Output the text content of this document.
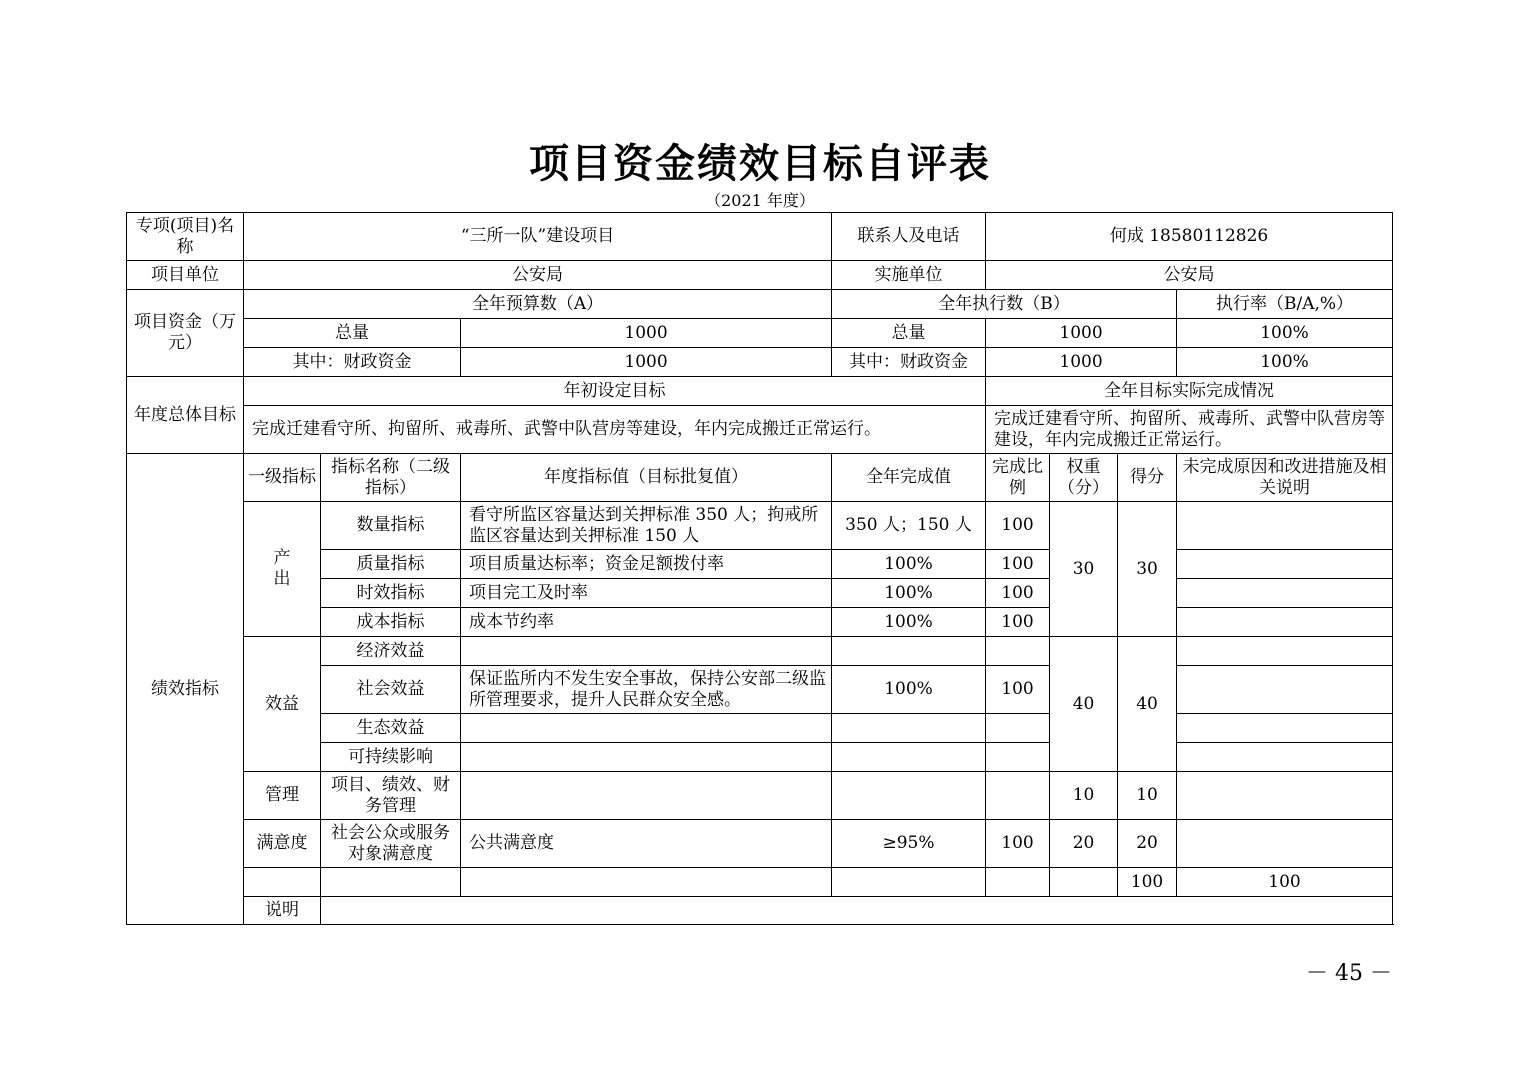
项目资金绩效目标自评表
（2021 年度）
专项(项目)名称	“三所一队”建设项目			联系人及电话	何成 18580112826				
项目单位	公安局			实施单位	公安局				
项目资金（万元）	全年预算数（A）			全年执行数（B）				执行率（B/A,%）	
	总量		1000	总量	1000			100%	
	其中：财政资金		1000	其中：财政资金	1000			100%	
年度总体目标	年初设定目标				全年目标实际完成情况				
	完成迁建看守所、拘留所、戒毒所、武警中队营房等建设，年内完成搬迁正常运行。				完成迁建看守所、拘留所、戒毒所、武警中队营房等建设，年内完成搬迁正常运行。				
绩效指标	一级指标	指标名称（二级指标）	年度指标值（目标批复值）	全年完成值	完成比例	权重（分）	得分	未完成原因和改进措施及相关说明	
	产出	数量指标	看守所监区容量达到关押标准 350 人；拘戒所监区容量达到关押标准 150 人	350 人；150 人	100	30	30		
		质量指标	项目质量达标率；资金足额拨付率	100%	100				
		时效指标	项目完工及时率	100%	100				
		成本指标	成本节约率	100%	100				
	效益	经济效益				40	40		
		社会效益	保证监所内不发生安全事故，保持公安部二级监所管理要求，提升人民群众安全感。	100%	100				
		生态效益							
		可持续影响							
	管理	项目、绩效、财务管理				10	10		
	满意度	社会公众或服务对象满意度	公共满意度	≥95%	100	20	20		
							100	100	
	说明								
－ 45 －
